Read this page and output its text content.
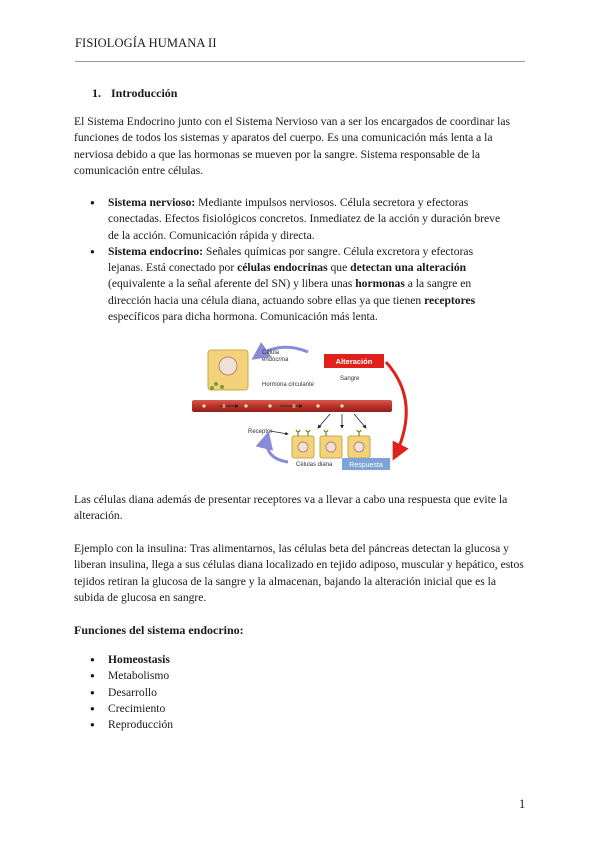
FISIOLOGÍA HUMANA II
1. Introducción

El Sistema Endocrino junto con el Sistema Nervioso van a ser los encargados de coordinar las funciones de todos los sistemas y aparatos del cuerpo. Es una comunicación más lenta a la nerviosa debido a que las hormonas se mueven por la sangre. Sistema responsable de la comunicación entre células.

● Sistema nervioso: Mediante impulsos nerviosos. Célula secretora y efectoras conectadas. Efectos fisiológicos concretos. Inmediatez de la acción y duración breve de la acción. Comunicación rápida y directa.
● Sistema endocrino: Señales químicas por sangre. Célula excretora y efectoras lejanas. Está conectado por células endocrinas que detectan una alteración (equivalente a la señal aferente del SN) y libera unas hormonas a la sangre en dirección hacia una célula diana, actuando sobre ellas ya que tienen receptores específicos para dicha hormona. Comunicación más lenta.
Célula
endocrina	Alteración
Sangre
Hormona circulante
Receptor
Células diana Respuesta

Las células diana además de presentar receptores va a llevar a cabo una respuesta que evite la alteración.

Ejemplo con la insulina: Tras alimentarnos, las células beta del páncreas detectan la glucosa y liberan insulina, llega a sus células diana localizado en tejido adiposo, muscular y hepático, estos tejidos retiran la glucosa de la sangre y la almacenan, bajando la alteración inicial que es la subida de glucosa en sangre.

Funciones del sistema endocrino:
● Homeostasis
● Metabolismo
● Desarrollo
● Crecimiento
● Reproducción
1
